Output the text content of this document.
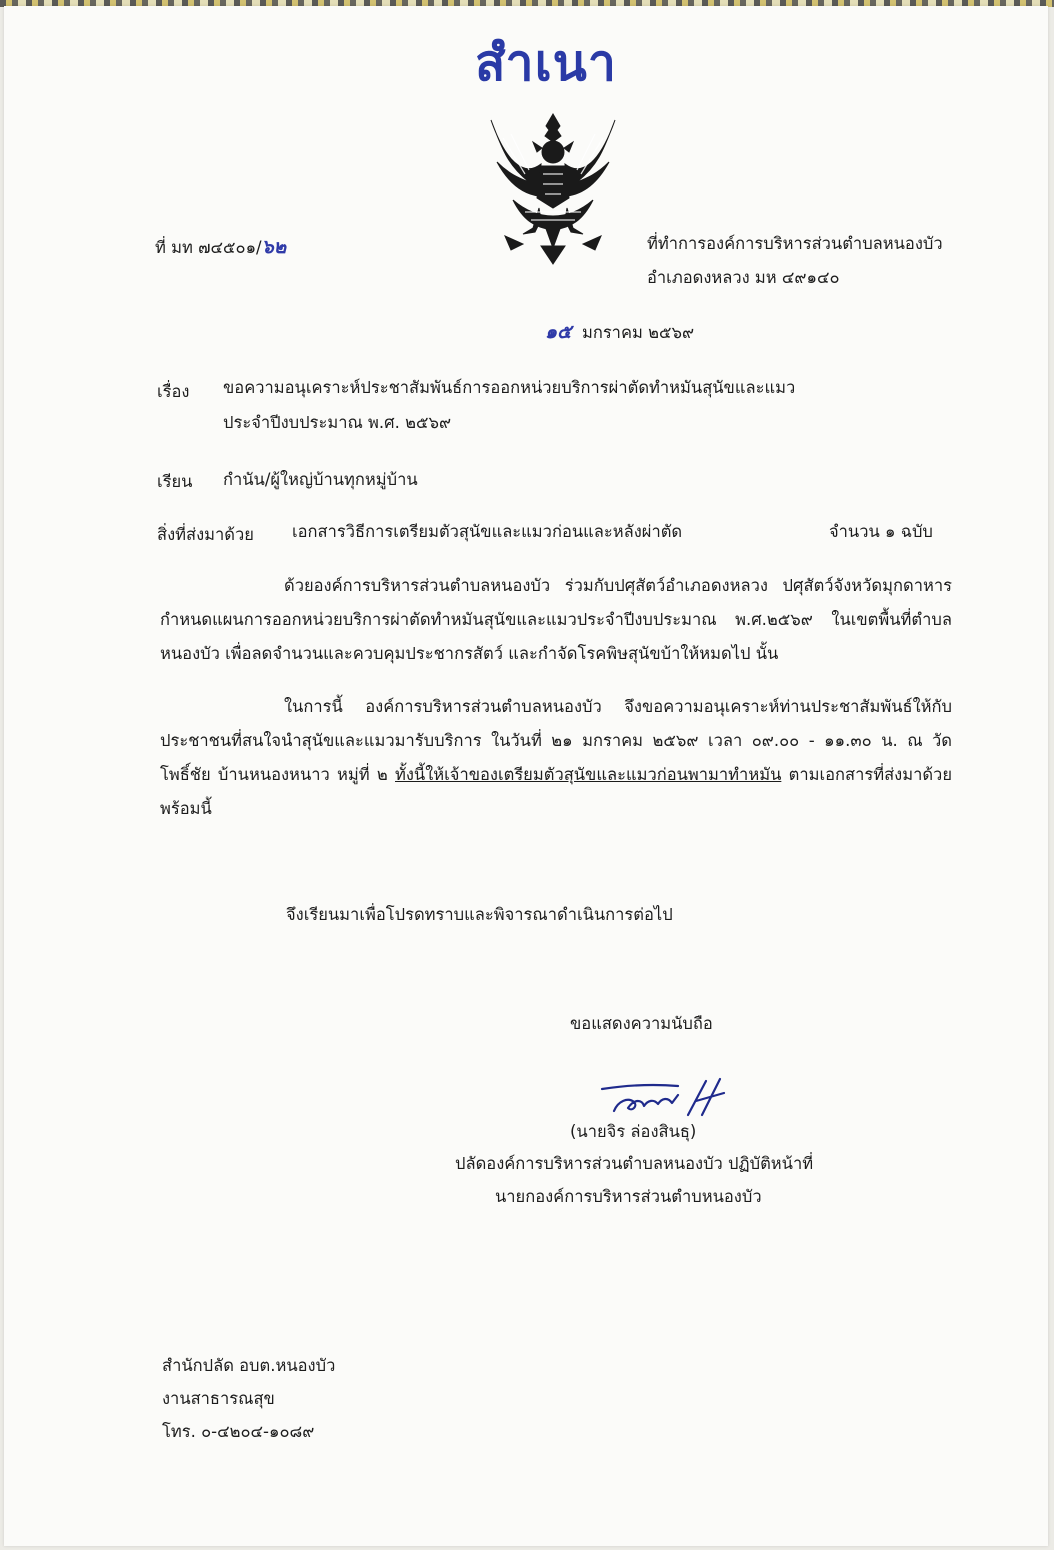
สำเนา
ที่ มท ๗๔๕๐๑/๖๒	ที่ทำการองค์การบริหารส่วนตำบลหนองบัว
อำเภอดงหลวง มห ๔๙๑๔๐
๑๕ มกราคม ๒๕๖๙
เรื่อง ขอความอนุเคราะห์ประชาสัมพันธ์การออกหน่วยบริการผ่าตัดทำหมันสุนัขและแมว
ประจำปีงบประมาณ พ.ศ. ๒๕๖๙
เรียน กำนัน/ผู้ใหญ่บ้านทุกหมู่บ้าน
สิ่งที่ส่งมาด้วย เอกสารวิธีการเตรียมตัวสุนัขและแมวก่อนและหลังผ่าตัด	จำนวน ๑ ฉบับ
ด้วยองค์การบริหารส่วนตำบลหนองบัว ร่วมกับปศุสัตว์อำเภอดงหลวง ปศุสัตว์จังหวัดมุกดาหาร กำหนดแผนการออกหน่วยบริการผ่าตัดทำหมันสุนัขและแมวประจำปีงบประมาณ พ.ศ.๒๕๖๙ ในเขตพื้นที่ตำบลหนองบัว เพื่อลดจำนวนและควบคุมประชากรสัตว์ และกำจัดโรคพิษสุนัขบ้าให้หมดไป นั้น
ในการนี้ องค์การบริหารส่วนตำบลหนองบัว จึงขอความอนุเคราะห์ท่านประชาสัมพันธ์ให้กับประชาชนที่สนใจนำสุนัขและแมวมารับบริการ ในวันที่ ๒๑ มกราคม ๒๕๖๙ เวลา ๐๙.๐๐ - ๑๑.๓๐ น. ณ วัดโพธิ์ชัย บ้านหนองหนาว หมู่ที่ ๒ ทั้งนี้ให้เจ้าของเตรียมตัวสุนัขและแมวก่อนพามาทำหมัน ตามเอกสารที่ส่งมาด้วยพร้อมนี้
จึงเรียนมาเพื่อโปรดทราบและพิจารณาดำเนินการต่อไป
ขอแสดงความนับถือ
(นายจิร ล่องสินธุ)
ปลัดองค์การบริหารส่วนตำบลหนองบัว ปฏิบัติหน้าที่
นายกองค์การบริหารส่วนตำบหนองบัว
สำนักปลัด อบต.หนองบัว
งานสาธารณสุข
โทร. ๐-๔๒๐๔-๑๐๘๙
